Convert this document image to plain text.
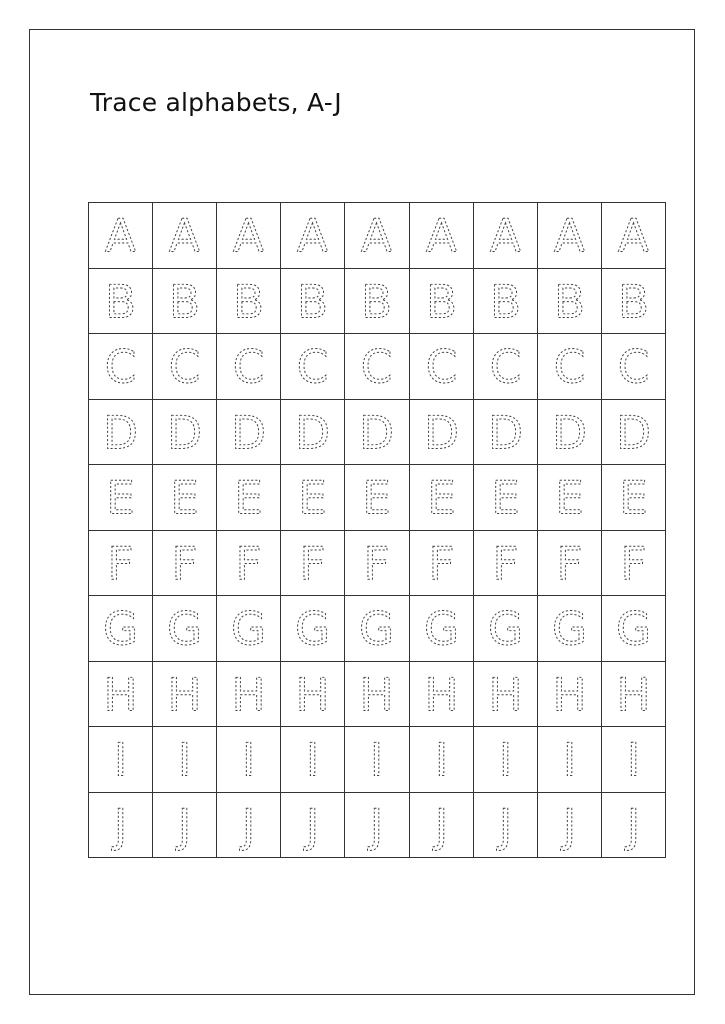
Trace alphabets, A-J
A A A A A A A A A
B B B B B B B B B
C C C C C C C C C
D D D D D D D D D
E E E E E E E E E
F F F F F F F F F
G G G G G G G G G
H H H H H H H H H
I I I I I I I I I
J J J J J J J J J
